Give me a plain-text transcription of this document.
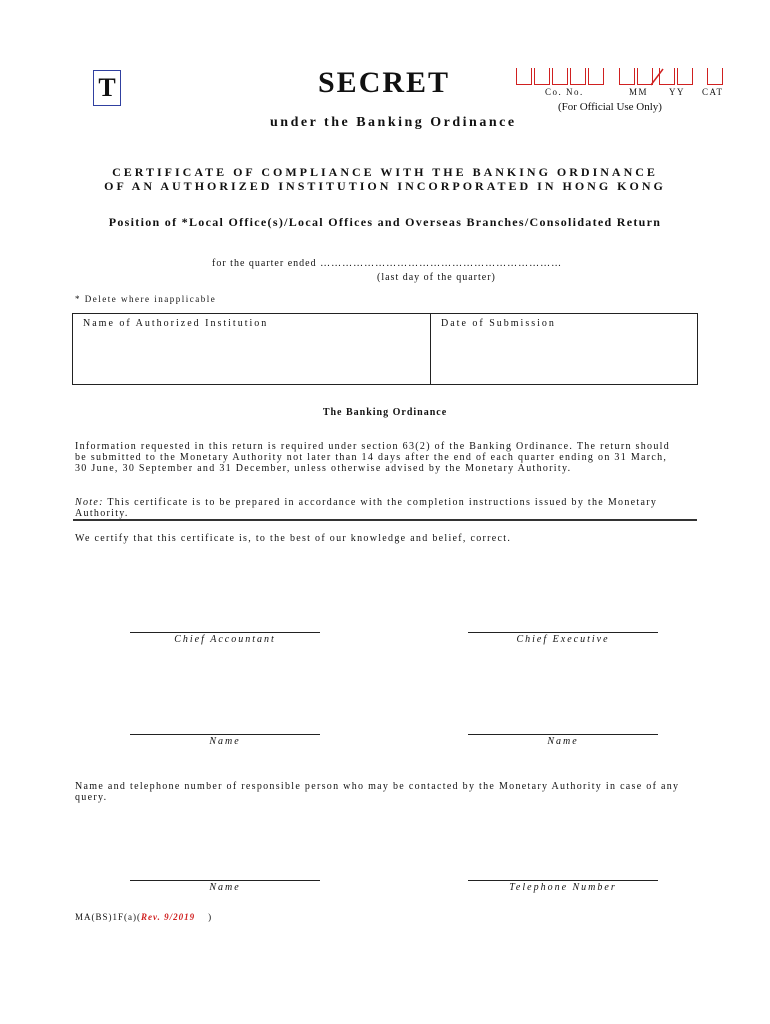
T	SECRET	Co. No.	MM YY CAT
(For Official Use Only)
under the Banking Ordinance
CERTIFICATE OF COMPLIANCE WITH THE BANKING ORDINANCE
OF AN AUTHORIZED INSTITUTION INCORPORATED IN HONG KONG
Position of *Local Office(s)/Local Offices and Overseas Branches/Consolidated Return
for the quarter ended …………………………………………………………
(last day of the quarter)
* Delete where inapplicable
Name of Authorized Institution	Date of Submission
The Banking Ordinance
Information requested in this return is required under section 63(2) of the Banking Ordinance. The return should
be submitted to the Monetary Authority not later than 14 days after the end of each quarter ending on 31 March,
30 June, 30 September and 31 December, unless otherwise advised by the Monetary Authority.
Note: This certificate is to be prepared in accordance with the completion instructions issued by the Monetary Authority.
We certify that this certificate is, to the best of our knowledge and belief, correct.
Chief Accountant	Chief Executive
Name	Name
Name and telephone number of responsible person who may be contacted by the Monetary Authority in case of any
query.
Name	Telephone Number
MA(BS)1F(a)(Rev. 9/2019    )
